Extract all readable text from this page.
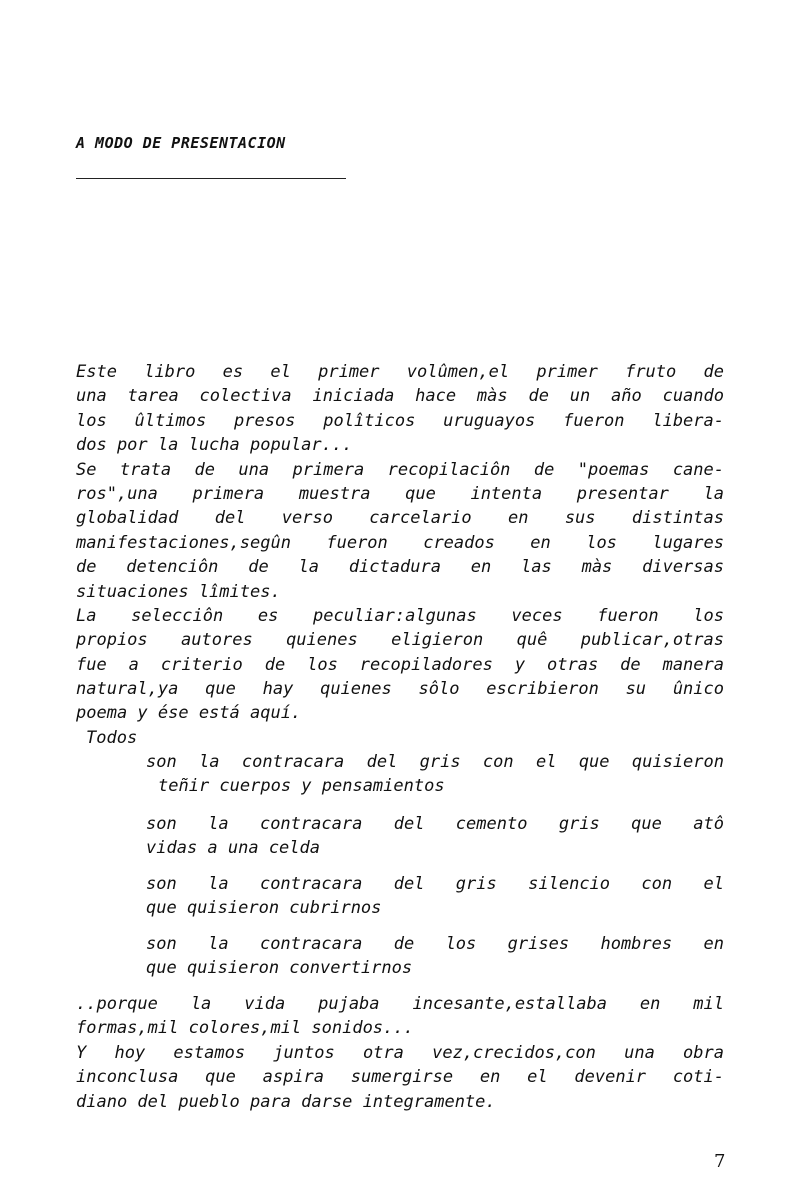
A MODO DE PRESENTACION
Este libro es el primer volûmen,el primer fruto de
una tarea colectiva iniciada hace màs de un año cuando
los ûltimos presos polîticos uruguayos fueron libera-
dos por la lucha popular...
Se trata de una primera recopilaciôn de "poemas cane-
ros",una primera muestra que intenta presentar la
globalidad del verso carcelario en sus distintas
manifestaciones,segûn fueron creados en los lugares
de detenciôn de la dictadura en las màs diversas
situaciones lîmites.
La selecciôn es peculiar:algunas veces fueron los
propios autores quienes eligieron quê publicar,otras
fue a criterio de los recopiladores y otras de manera
natural,ya que hay quienes sôlo escribieron su ûnico
poema y ése está aquí.
Todos
son la contracara del gris con el que quisieron
teñir cuerpos y pensamientos
son la contracara del cemento gris que atô
vidas a una celda
son la contracara del gris silencio con el
que quisieron cubrirnos
son la contracara de los grises hombres en
que quisieron convertirnos
..porque la vida pujaba incesante,estallaba en mil
formas,mil colores,mil sonidos...
Y hoy estamos juntos otra vez,crecidos,con una obra
inconclusa que aspira sumergirse en el devenir coti-
diano del pueblo para darse integramente.
7
